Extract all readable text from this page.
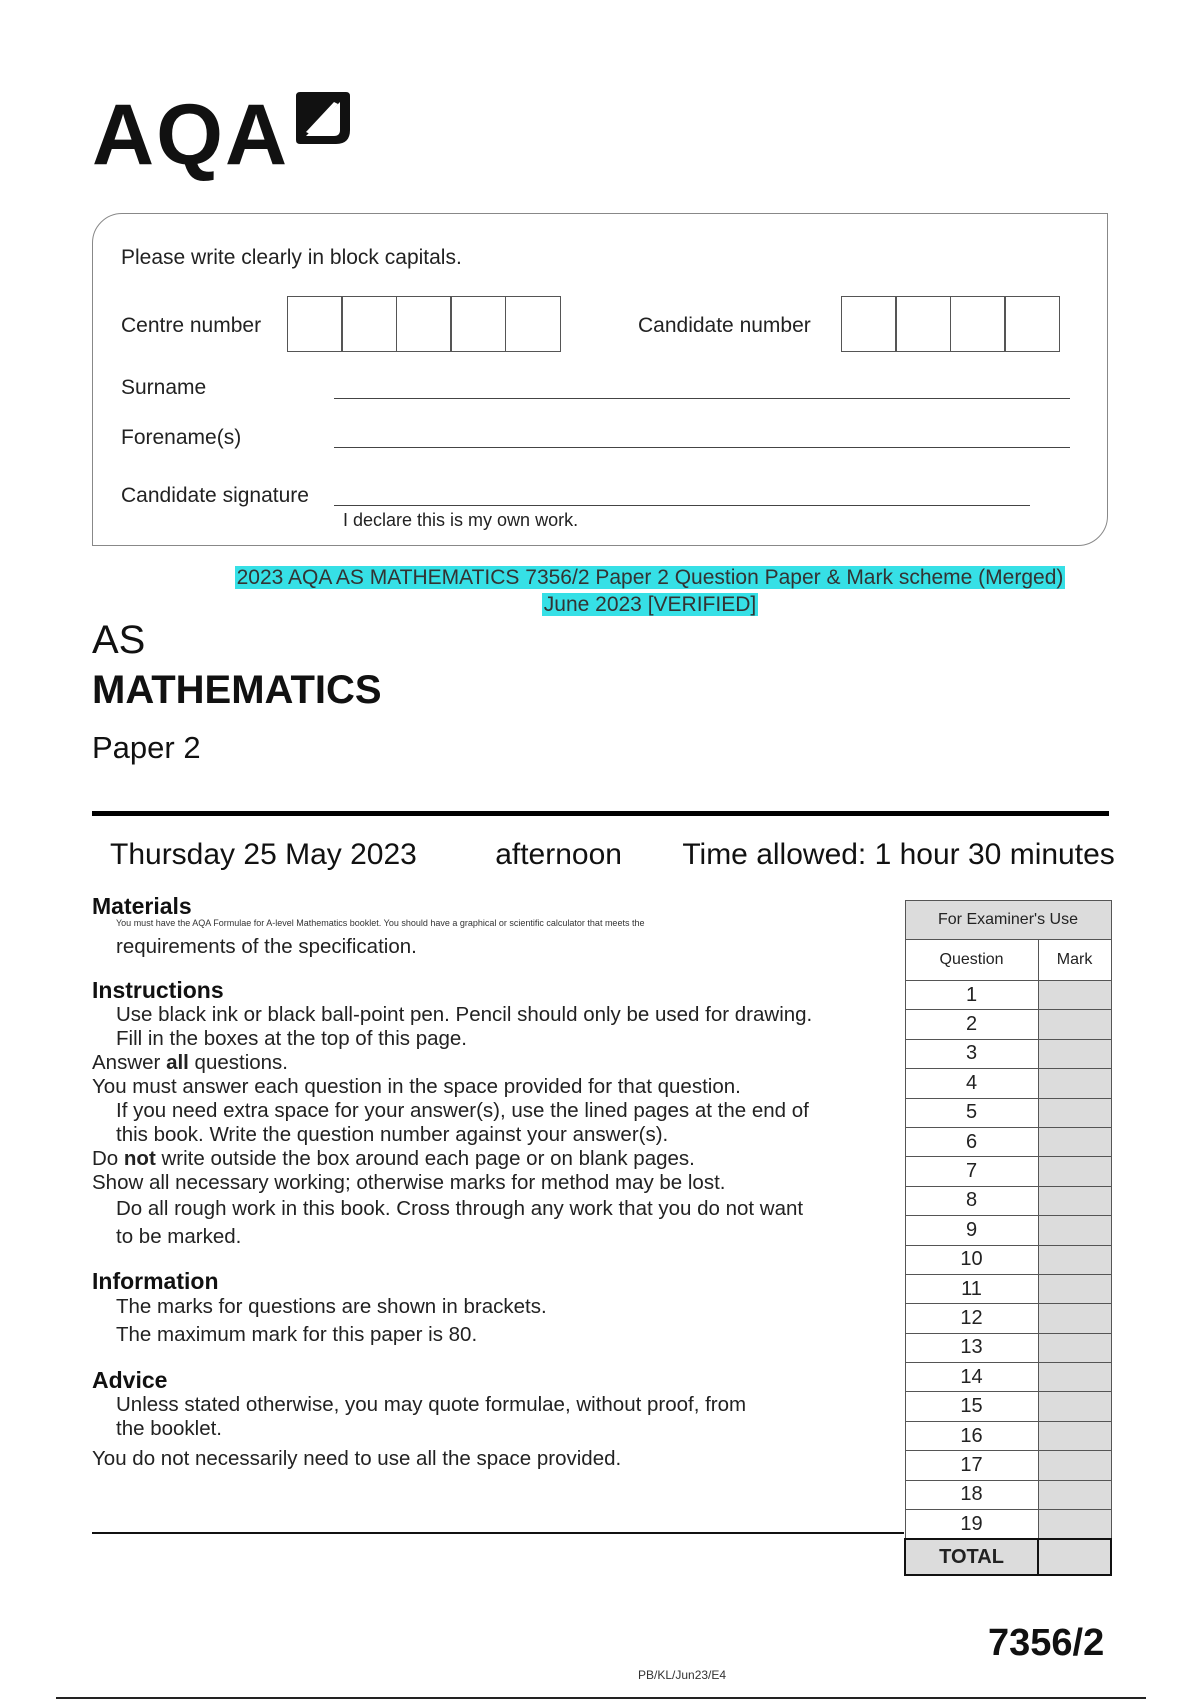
AQA
Please write clearly in block capitals.
Centre number	Candidate number
Surname
Forename(s)
Candidate signature
I declare this is my own work.
2023 AQA AS MATHEMATICS 7356/2 Paper 2 Question Paper & Mark scheme (Merged)
June 2023 [VERIFIED]
AS
MATHEMATICS
Paper 2
Thursday 25 May 2023	afternoon Time allowed: 1 hour 30 minutes
Materials
You must have the AQA Formulae for A-level Mathematics booklet. You should have a graphical or scientific calculator that meets the
requirements of the specification.
Instructions
Use black ink or black ball-point pen. Pencil should only be used for drawing.
Fill in the boxes at the top of this page.
Answer all questions.
You must answer each question in the space provided for that question.
If you need extra space for your answer(s), use the lined pages at the end of
this book. Write the question number against your answer(s).
Do not write outside the box around each page or on blank pages.
Show all necessary working; otherwise marks for method may be lost.
Do all rough work in this book. Cross through any work that you do not want
to be marked.
Information
The marks for questions are shown in brackets.
The maximum mark for this paper is 80.
Advice
Unless stated otherwise, you may quote formulae, without proof, from
the booklet.
You do not necessarily need to use all the space provided.
For Examiner's Use	
Question	Mark
1	
2	
3	
4	
5	
6	
7	
8	
9	
10	
11	
12	
13	
14	
15	
16	
17	
18	
19	
TOTAL	
PB/KL/Jun23/E4
7356/2
